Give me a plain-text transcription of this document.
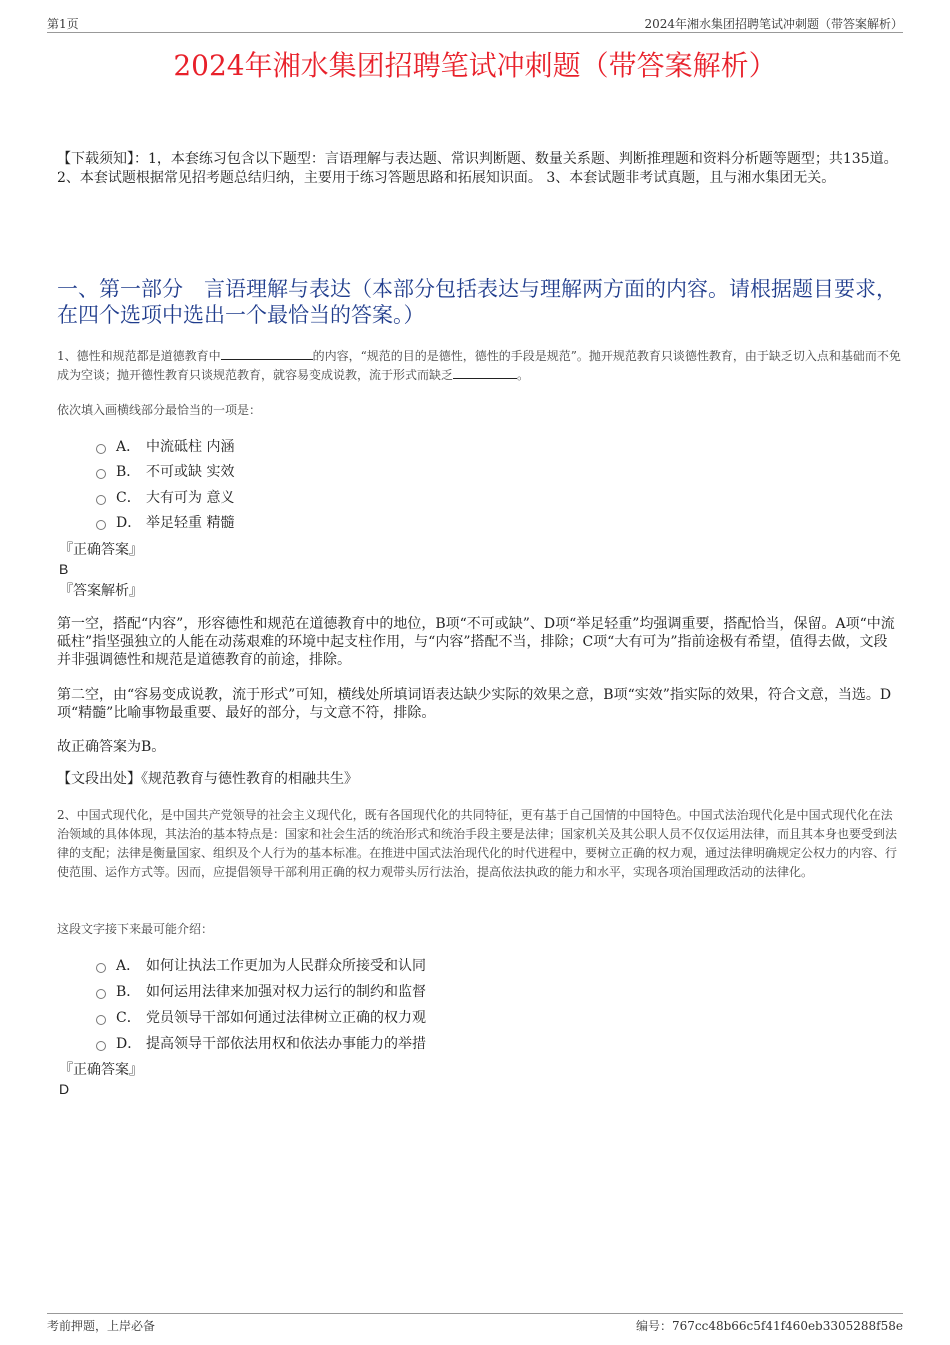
第1页	2024年湘水集团招聘笔试冲刺题（带答案解析）
2024年湘水集团招聘笔试冲刺题（带答案解析）
【下载须知】：1，本套练习包含以下题型：言语理解与表达题、常识判断题、数量关系题、判断推理题和资料分析题等题型；共135道。 2、本套试题根据常见招考题总结归纳，主要用于练习答题思路和拓展知识面。 3、本套试题非考试真题，且与湘水集团无关。
一、第一部分　言语理解与表达（本部分包括表达与理解两方面的内容。请根据题目要求，在四个选项中选出一个最恰当的答案。）
1、德性和规范都是道德教育中	的内容，“规范的目的是德性，德性的手段是规范”。抛开规范教育只谈德性教育，由于缺乏切入点和基础而不免成为空谈；抛开德性教育只谈规范教育，就容易变成说教，流于形式而缺乏	。
依次填入画横线部分最恰当的一项是：
A． 中流砥柱 内涵
B． 不可或缺 实效
C． 大有可为 意义
D． 举足轻重 精髓
『正确答案』
B
『答案解析』
第一空，搭配“内容”，形容德性和规范在道德教育中的地位，B项“不可或缺”、D项“举足轻重”均强调重要，搭配恰当，保留。A项“中流砥柱”指坚强独立的人能在动荡艰难的环境中起支柱作用，与“内容”搭配不当，排除；C项“大有可为”指前途极有希望，值得去做，文段并非强调德性和规范是道德教育的前途，排除。
第二空，由“容易变成说教，流于形式”可知，横线处所填词语表达缺少实际的效果之意，B项“实效”指实际的效果，符合文意，当选。D项“精髓”比喻事物最重要、最好的部分，与文意不符，排除。
故正确答案为B。
【文段出处】《规范教育与德性教育的相融共生》
2、中国式现代化，是中国共产党领导的社会主义现代化，既有各国现代化的共同特征，更有基于自己国情的中国特色。中国式法治现代化是中国式现代化在法治领域的具体体现，其法治的基本特点是：国家和社会生活的统治形式和统治手段主要是法律；国家机关及其公职人员不仅仅运用法律，而且其本身也要受到法律的支配；法律是衡量国家、组织及个人行为的基本标准。在推进中国式法治现代化的时代进程中，要树立正确的权力观，通过法律明确规定公权力的内容、行使范围、运作方式等。因而，应提倡领导干部利用正确的权力观带头厉行法治，提高依法执政的能力和水平，实现各项治国理政活动的法律化。
这段文字接下来最可能介绍：
A． 如何让执法工作更加为人民群众所接受和认同
B． 如何运用法律来加强对权力运行的制约和监督
C． 党员领导干部如何通过法律树立正确的权力观
D． 提高领导干部依法用权和依法办事能力的举措
『正确答案』
D
考前押题，上岸必备	编号：767cc48b66c5f41f460eb3305288f58e
